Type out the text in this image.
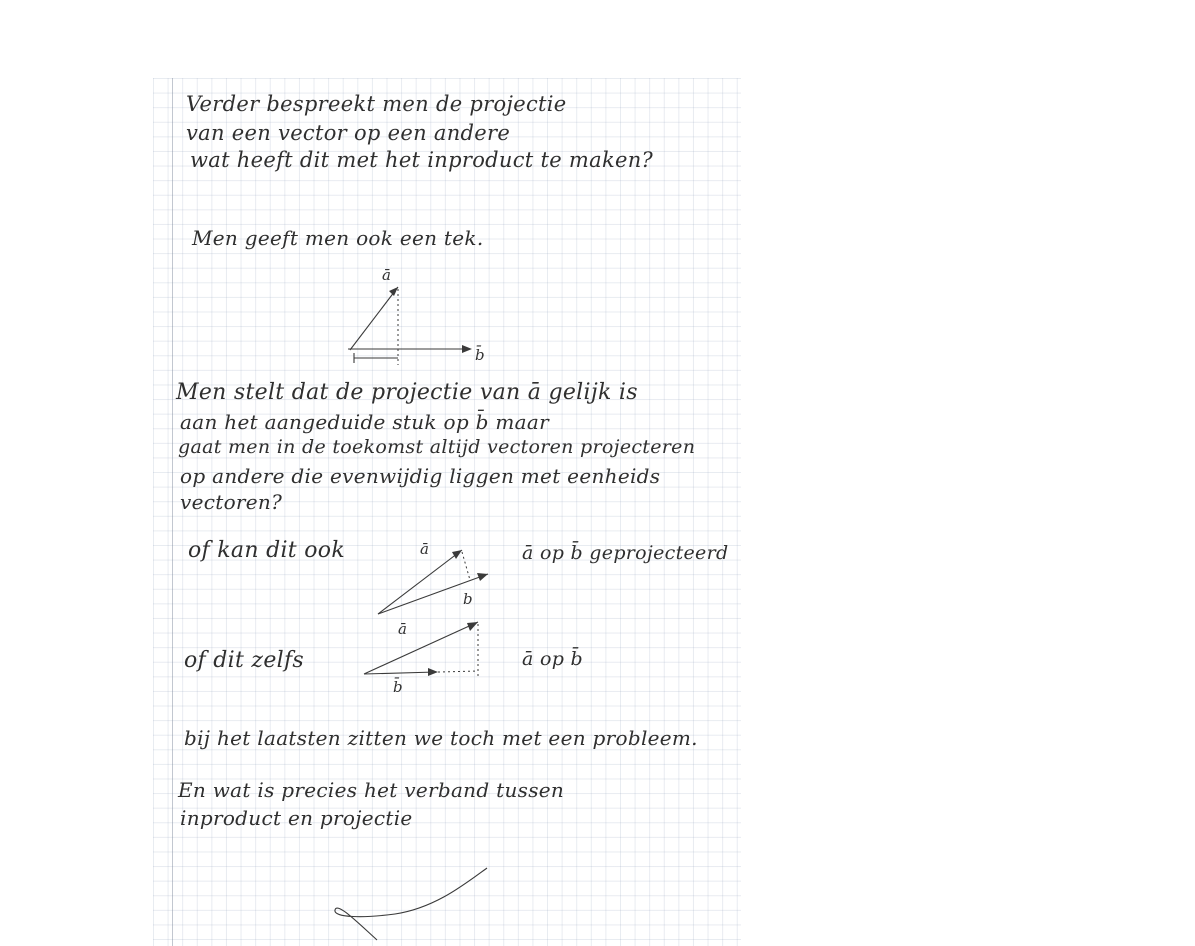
Verder bespreekt men de projectie

van een vector op een andere

wat heeft dit met het inproduct te maken?

Men geeft men ook een tek.

ā

b̄

Men stelt dat de projectie van ā gelijk is

aan het aangeduide stuk op b̄ maar

gaat men in de toekomst altijd vectoren projecteren

op andere die evenwijdig liggen met eenheids

vectoren?

of kan dit ook	ā

b

ā op b̄ geprojecteerd

of dit zelfs

ā

b̄

ā op b̄

bij het laatsten zitten we toch met een probleem.

En wat is precies het verband tussen

inproduct en projectie
